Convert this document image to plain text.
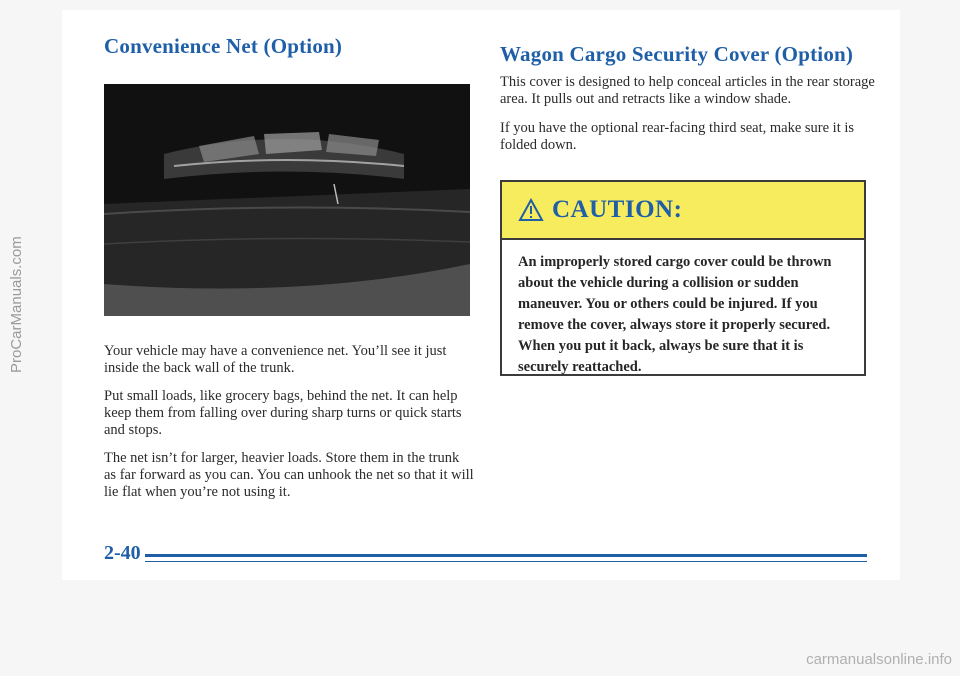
ProCarManuals.com
carmanualsonline.info
Convenience Net (Option)

Your vehicle may have a convenience net. You’ll see it just inside the back wall of the trunk.

Put small loads, like grocery bags, behind the net. It can help keep them from falling over during sharp turns or quick starts and stops.

The net isn’t for larger, heavier loads. Store them in the trunk as far forward as you can. You can unhook the net so that it will lie flat when you’re not using it.

Wagon Cargo Security Cover (Option)

This cover is designed to help conceal articles in the rear storage area. It pulls out and retracts like a window shade.

If you have the optional rear-facing third seat, make sure it is folded down.

CAUTION:
An improperly stored cargo cover could be thrown about the vehicle during a collision or sudden maneuver. You or others could be injured. If you remove the cover, always store it properly secured. When you put it back, always be sure that it is securely reattached.
2-40
